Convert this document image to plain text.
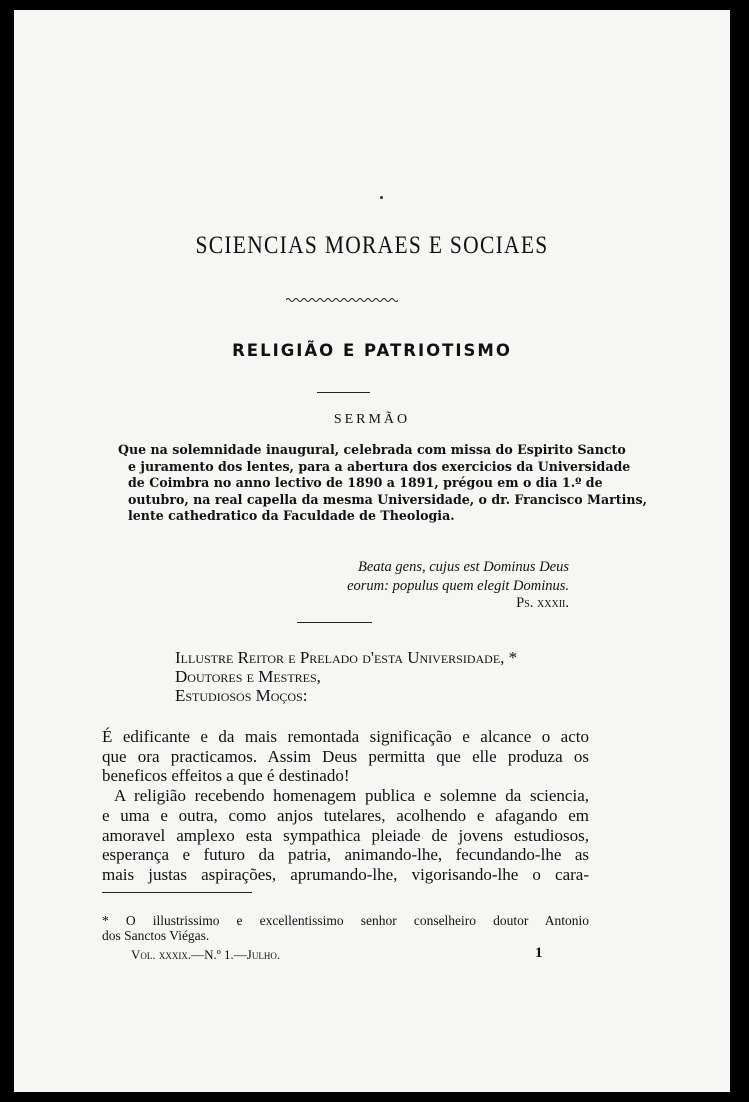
SCIENCIAS MORAES E SOCIAES
RELIGIÃO E PATRIOTISMO
SERMÃO
Que na solemnidade inaugural, celebrada com missa do Espirito Sancto
e juramento dos lentes, para a abertura dos exercicios da Universidade
de Coimbra no anno lectivo de 1890 a 1891, prégou em o dia 1.º de
outubro, na real capella da mesma Universidade, o dr. Francisco Martins,
lente cathedratico da Faculdade de Theologia.
Beata gens, cujus est Dominus Deus
eorum: populus quem elegit Dominus.
Ps. xxxii.
Illustre Reitor e Prelado d'esta Universidade, *
Doutores e Mestres,
Estudiosos Moços:
É edificante e da mais remontada significação e alcance o acto
que ora practicamos. Assim Deus permitta que elle produza os
beneficos effeitos a que é destinado!
A religião recebendo homenagem publica e solemne da sciencia,
e uma e outra, como anjos tutelares, acolhendo e afagando em
amoravel amplexo esta sympathica pleiade de jovens estudiosos,
esperança e futuro da patria, animando-lhe, fecundando-lhe as
mais justas aspirações, aprumando-lhe, vigorisando-lhe o cara-
* O illustrissimo e excellentissimo senhor conselheiro doutor Antonio
dos Sanctos Viégas.
Vol. xxxix.—N.º 1.—Julho.	1
